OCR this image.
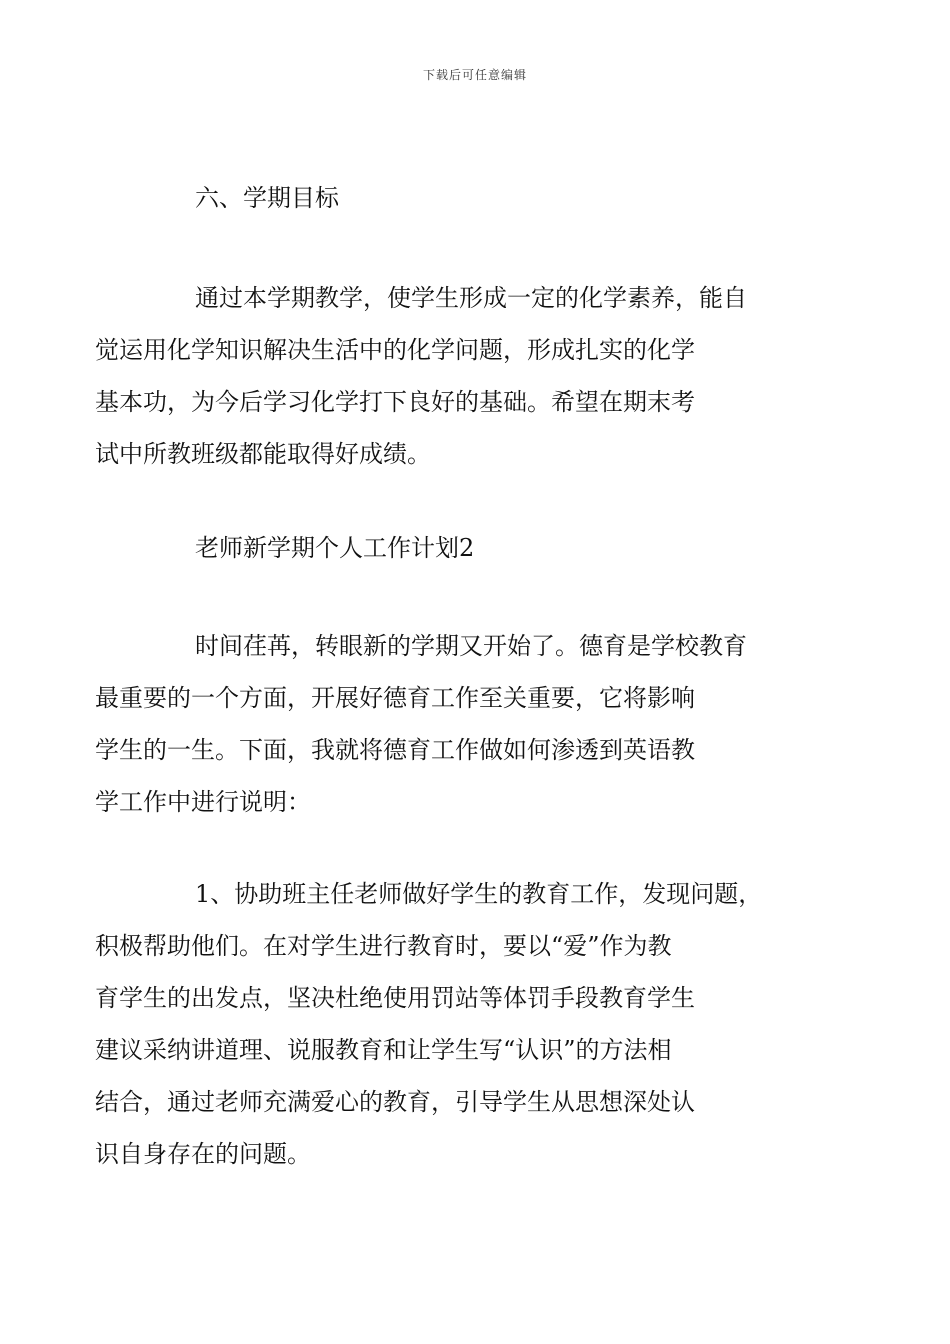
下载后可任意编辑

六、学期目标

通过本学期教学，使学生形成一定的化学素养，能自
觉运用化学知识解决生活中的化学问题，形成扎实的化学
基本功，为今后学习化学打下良好的基础。希望在期末考
试中所教班级都能取得好成绩。

老师新学期个人工作计划2

时间荏苒，转眼新的学期又开始了。德育是学校教育
最重要的一个方面，开展好德育工作至关重要，它将影响
学生的一生。下面，我就将德育工作做如何渗透到英语教
学工作中进行说明：

1、协助班主任老师做好学生的教育工作，发现问题，
积极帮助他们。在对学生进行教育时，要以“爱”作为教
育学生的出发点，坚决杜绝使用罚站等体罚手段教育学生
建议采纳讲道理、说服教育和让学生写“认识”的方法相
结合，通过老师充满爱心的教育，引导学生从思想深处认
识自身存在的问题。
